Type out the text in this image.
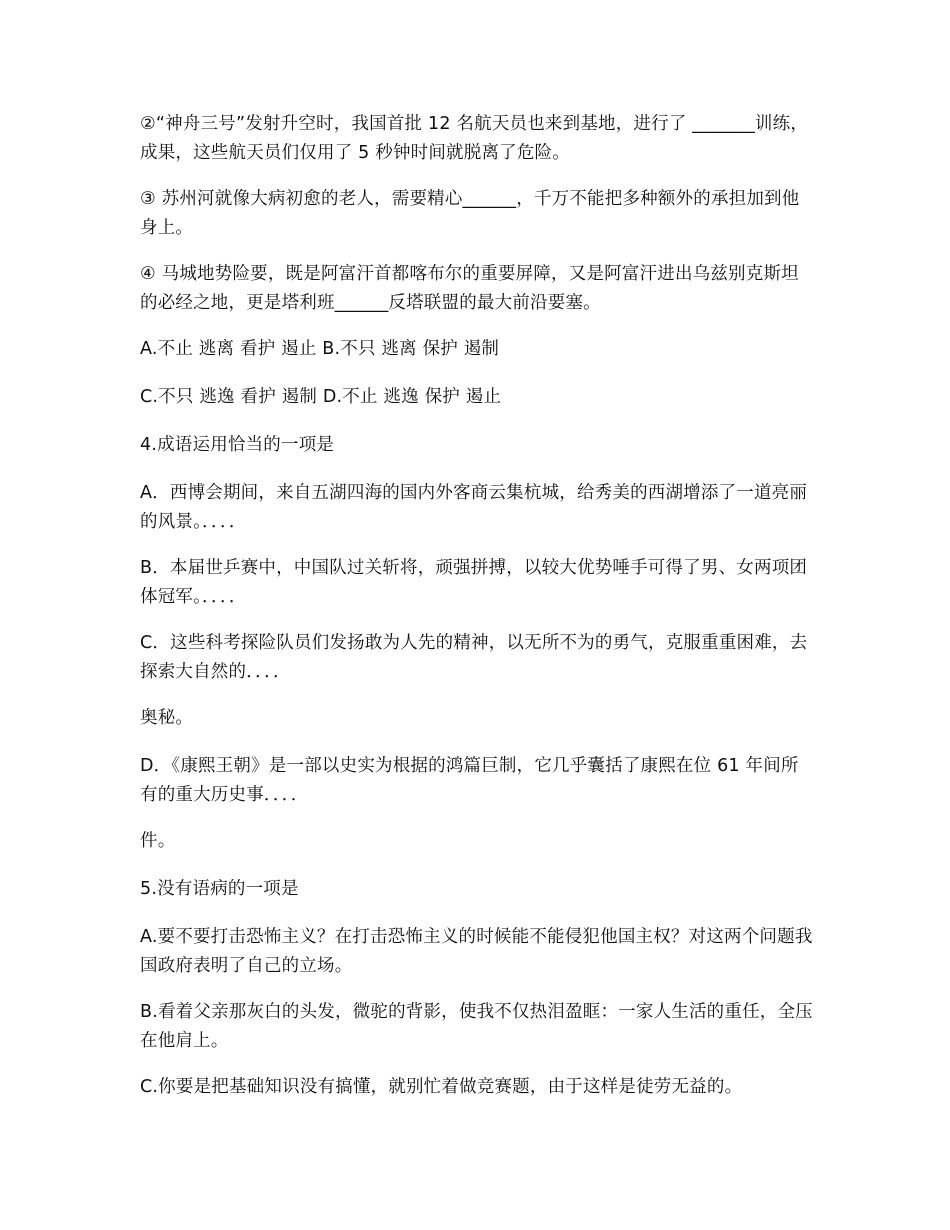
②“神舟三号”发射升空时，我国首批 12 名航天员也来到基地，进行了 _______训练，成果，这些航天员们仅用了 5 秒钟时间就脱离了危险。

③ 苏州河就像大病初愈的老人，需要精心______，千万不能把多种额外的承担加到他身上。

④ 马城地势险要，既是阿富汗首都喀布尔的重要屏障，又是阿富汗进出乌兹别克斯坦的必经之地，更是塔利班______反塔联盟的最大前沿要塞。

A.不止 逃离 看护 遏止 B.不只 逃离 保护 遏制

C.不只 逃逸 看护 遏制 D.不止 逃逸 保护 遏止

4.成语运用恰当的一项是

A．西博会期间，来自五湖四海的国内外客商云集杭城，给秀美的西湖增添了一道亮丽的风景。．．．．

B．本届世乒赛中，中国队过关斩将，顽强拼搏，以较大优势唾手可得了男、女两项团体冠军。．．．．

C．这些科考探险队员们发扬敢为人先的精神，以无所不为的勇气，克服重重困难，去探索大自然的．．．．

奥秘。

D．《康熙王朝》是一部以史实为根据的鸿篇巨制，它几乎囊括了康熙在位 61 年间所有的重大历史事．．．．

件。

5.没有语病的一项是

A.要不要打击恐怖主义？在打击恐怖主义的时候能不能侵犯他国主权？对这两个问题我国政府表明了自己的立场。

B.看着父亲那灰白的头发，微驼的背影，使我不仅热泪盈眶：一家人生活的重任，全压在他肩上。

C.你要是把基础知识没有搞懂，就别忙着做竞赛题，由于这样是徒劳无益的。
